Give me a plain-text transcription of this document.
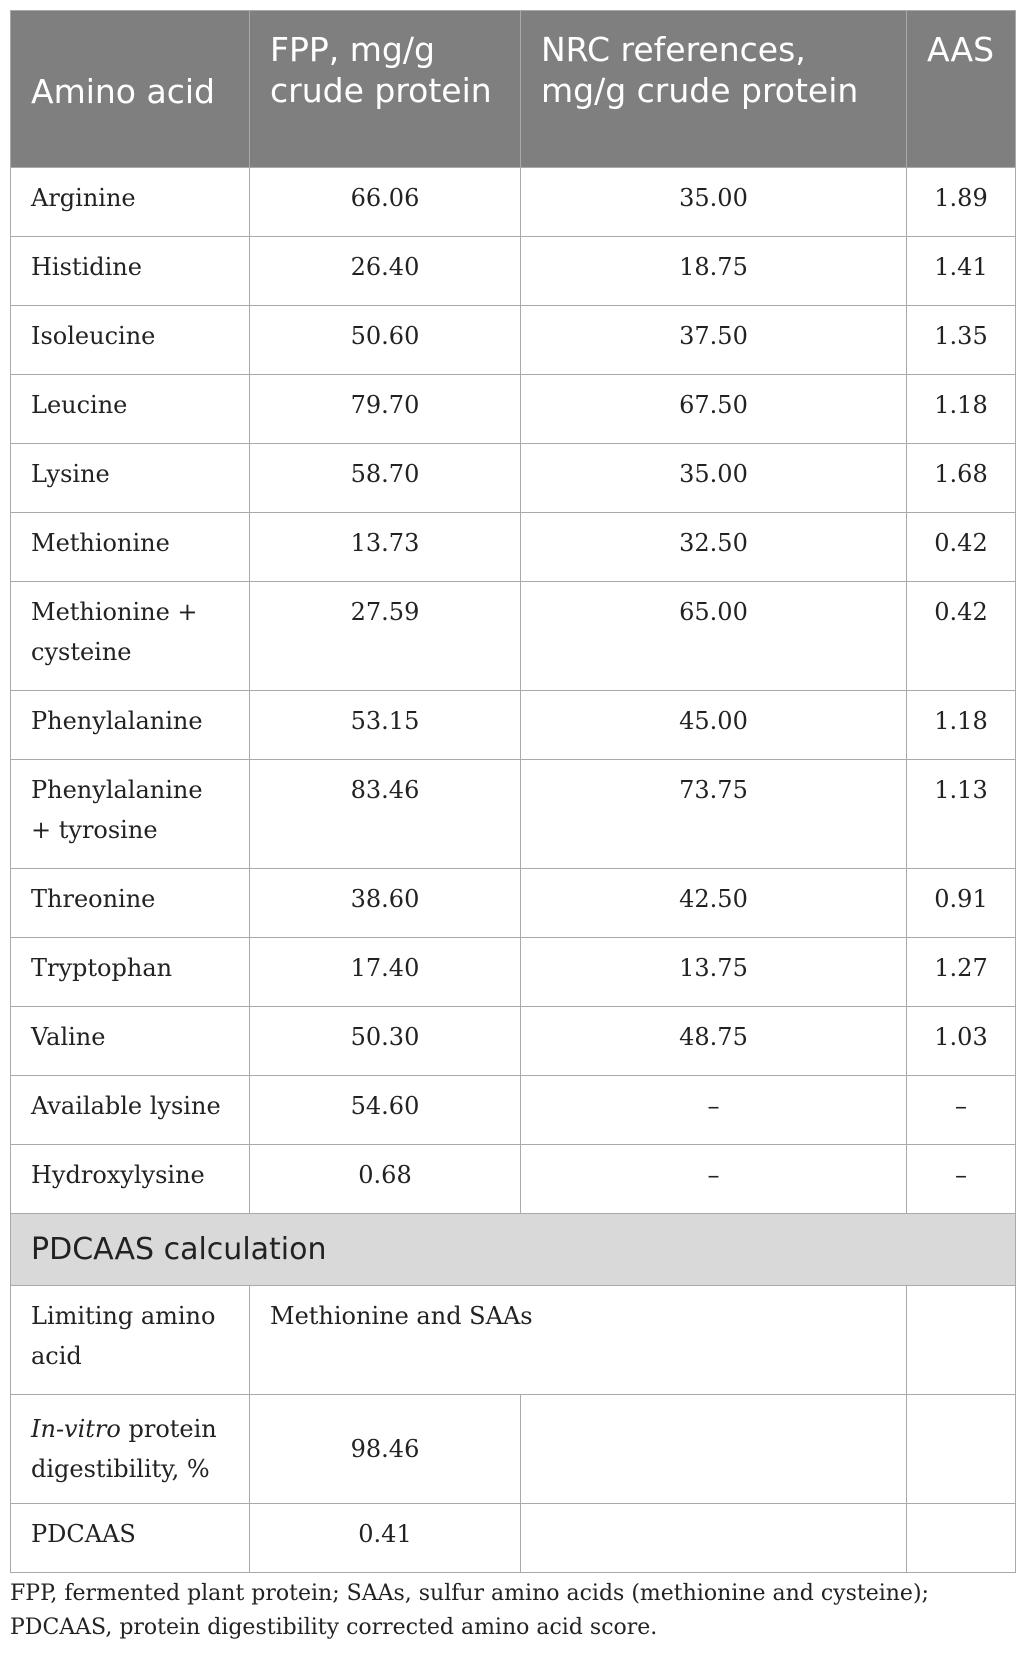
Amino acid	FPP, mg/g crude protein	NRC references, mg/g crude protein	AAS
Arginine	66.06	35.00	1.89
Histidine	26.40	18.75	1.41
Isoleucine	50.60	37.50	1.35
Leucine	79.70	67.50	1.18
Lysine	58.70	35.00	1.68
Methionine	13.73	32.50	0.42
Methionine + cysteine	27.59	65.00	0.42
Phenylalanine	53.15	45.00	1.18
Phenylalanine + tyrosine	83.46	73.75	1.13
Threonine	38.60	42.50	0.91
Tryptophan	17.40	13.75	1.27
Valine	50.30	48.75	1.03
Available lysine	54.60	–	–
Hydroxylysine	0.68	–	–
PDCAAS calculation			
Limiting amino acid	Methionine and SAAs		
In-vitro protein digestibility, %	98.46		
PDCAAS	0.41		
FPP, fermented plant protein; SAAs, sulfur amino acids (methionine and cysteine); PDCAAS, protein digestibility corrected amino acid score.
